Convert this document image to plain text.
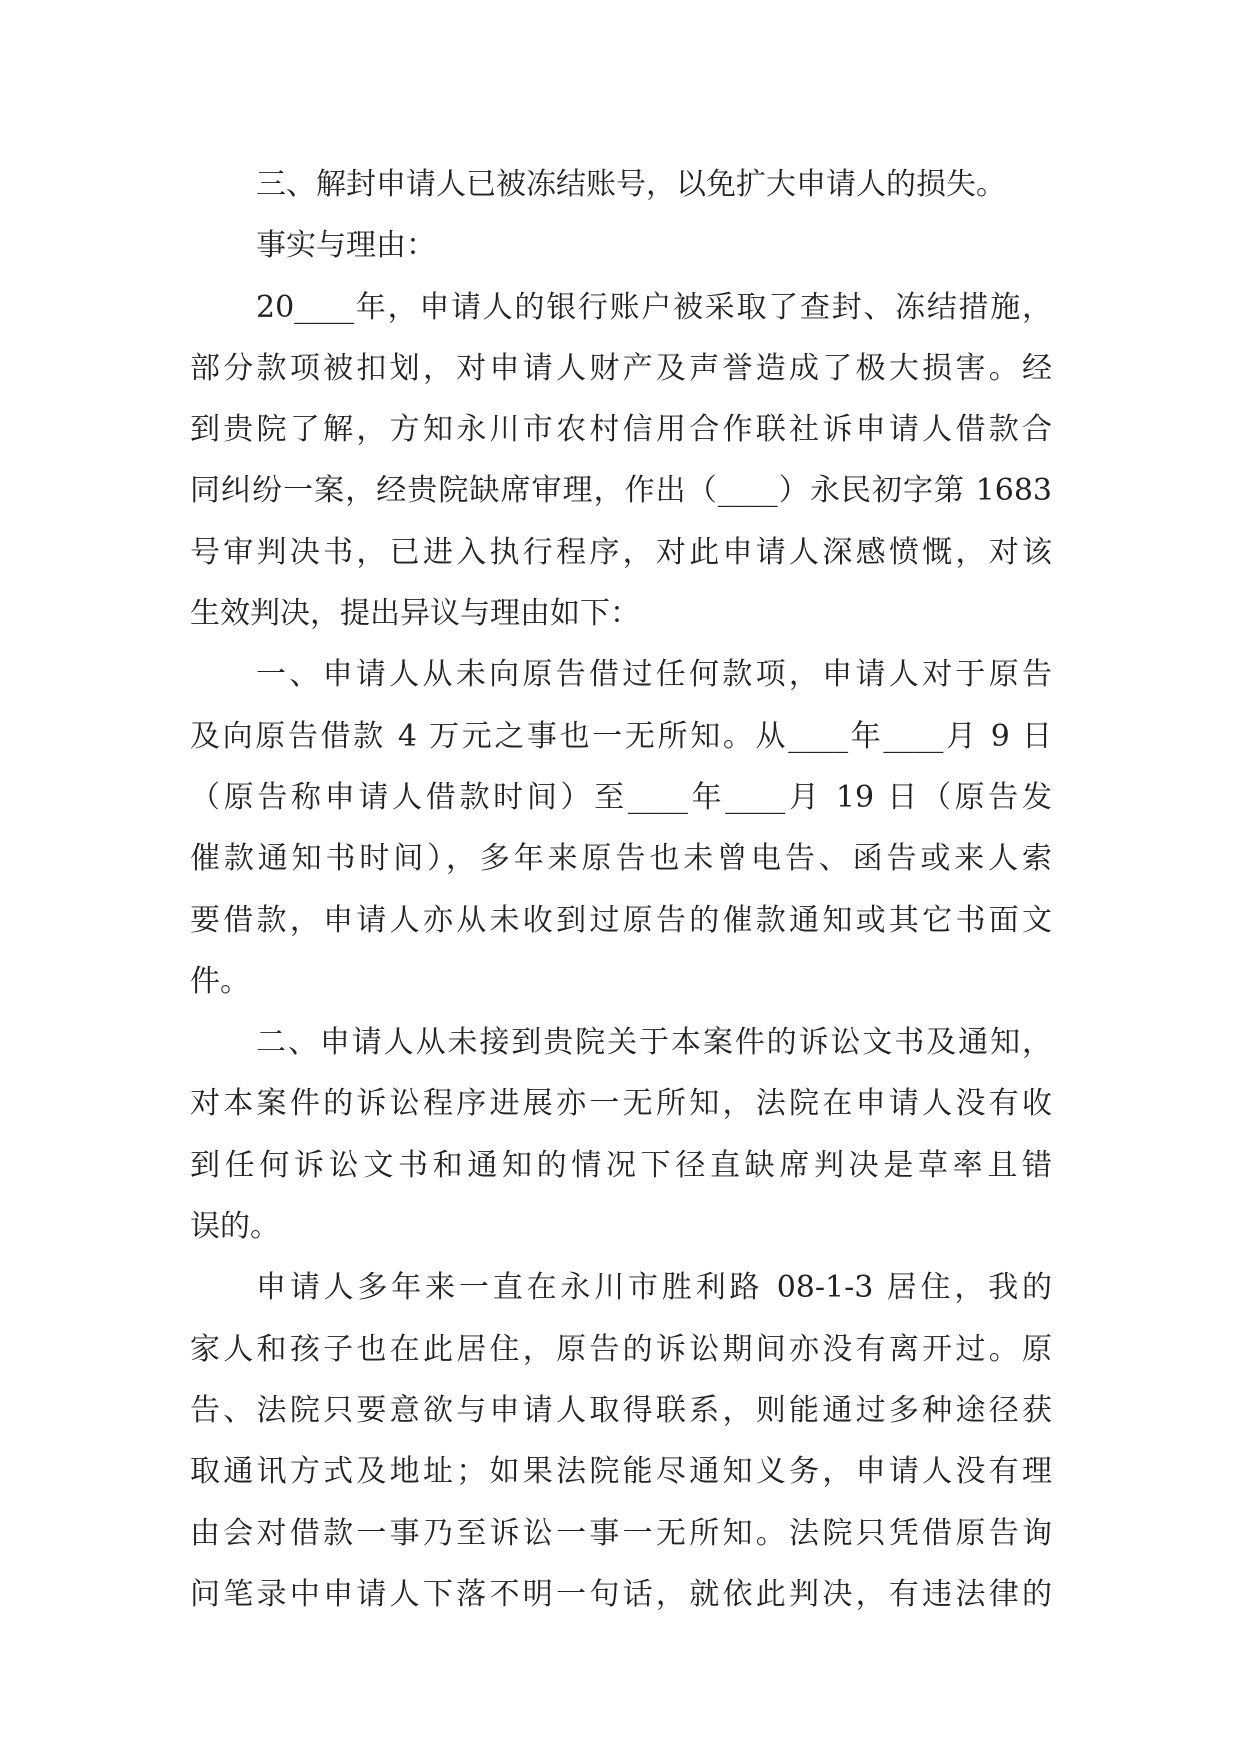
三、解封申请人已被冻结账号，以免扩大申请人的损失。
事实与理由：
20____年，申请人的银行账户被采取了查封、冻结措施，
部分款项被扣划，对申请人财产及声誉造成了极大损害。经
到贵院了解，方知永川市农村信用合作联社诉申请人借款合
同纠纷一案，经贵院缺席审理，作出（____）永民初字第 1683
号审判决书，已进入执行程序，对此申请人深感愤慨，对该
生效判决，提出异议与理由如下：
一、申请人从未向原告借过任何款项，申请人对于原告
及向原告借款 4 万元之事也一无所知。从____年____月 9 日
（原告称申请人借款时间）至____年____月 19 日（原告发
催款通知书时间），多年来原告也未曾电告、函告或来人索
要借款，申请人亦从未收到过原告的催款通知或其它书面文
件。
二、申请人从未接到贵院关于本案件的诉讼文书及通知，
对本案件的诉讼程序进展亦一无所知，法院在申请人没有收
到任何诉讼文书和通知的情况下径直缺席判决是草率且错
误的。
申请人多年来一直在永川市胜利路 08-1-3 居住，我的
家人和孩子也在此居住，原告的诉讼期间亦没有离开过。原
告、法院只要意欲与申请人取得联系，则能通过多种途径获
取通讯方式及地址；如果法院能尽通知义务，申请人没有理
由会对借款一事乃至诉讼一事一无所知。法院只凭借原告询
问笔录中申请人下落不明一句话，就依此判决，有违法律的
